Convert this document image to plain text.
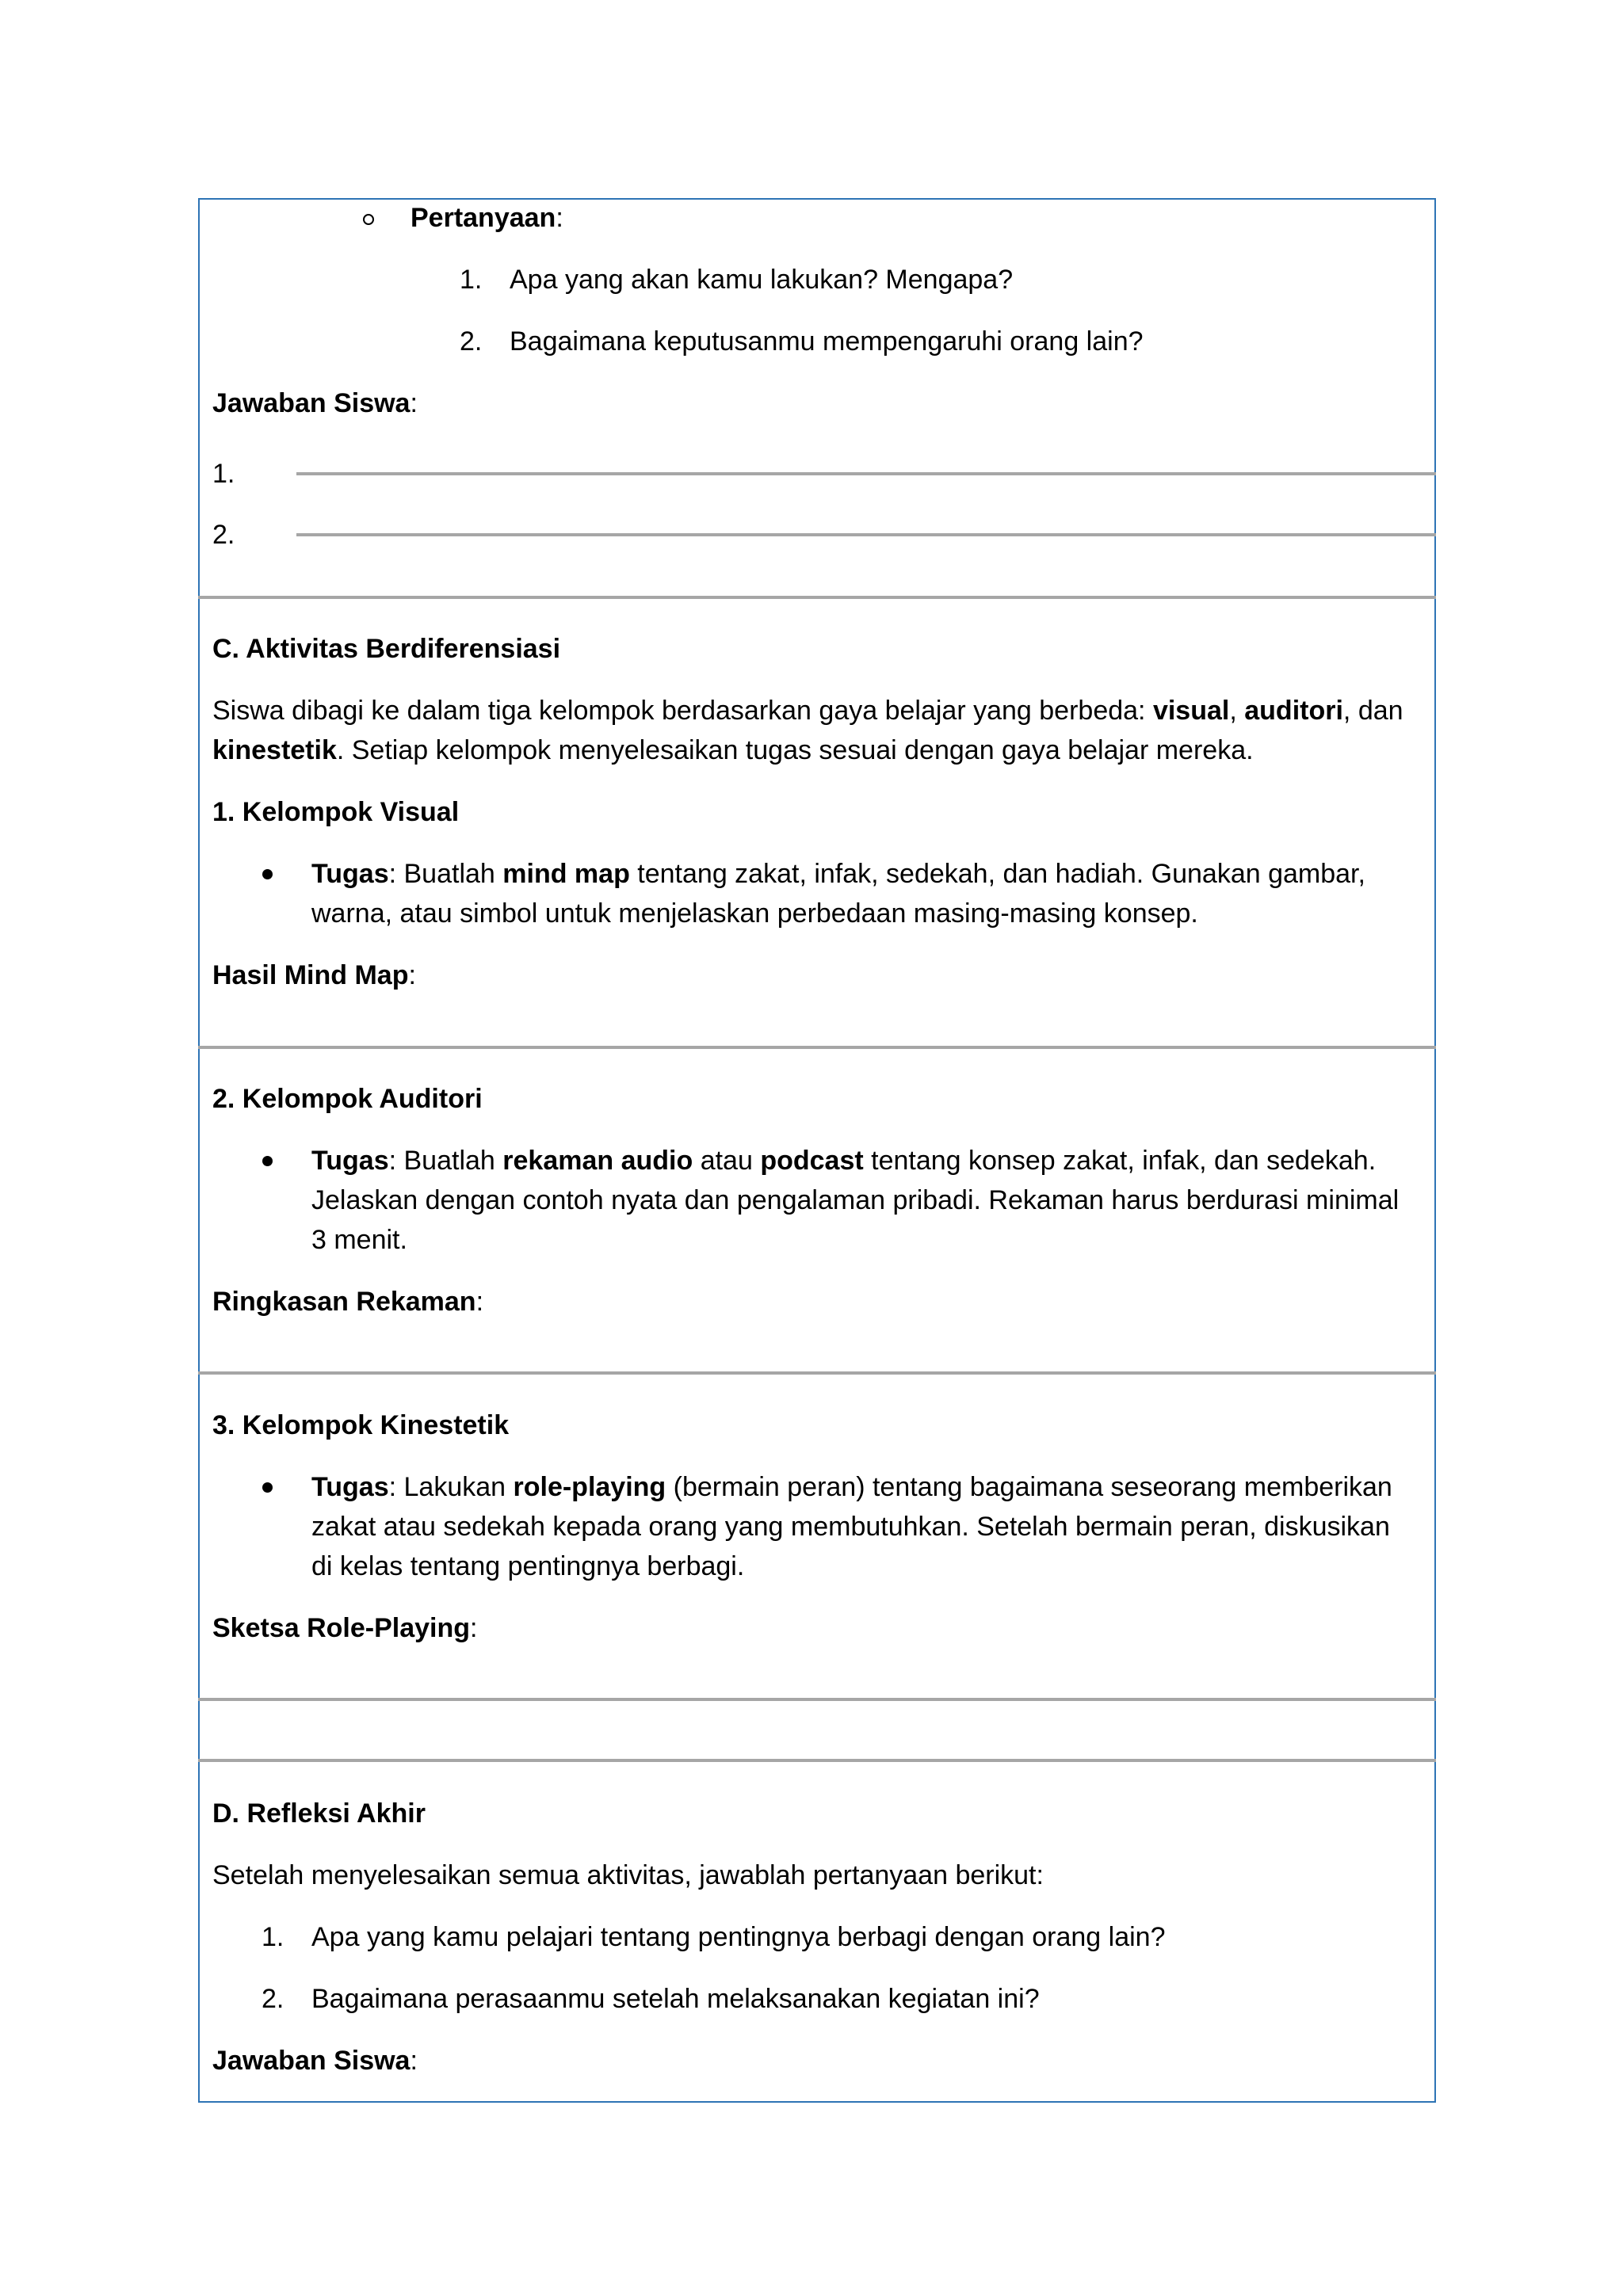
Pertanyaan:
1. Apa yang akan kamu lakukan? Mengapa?
2. Bagaimana keputusanmu mempengaruhi orang lain?
Jawaban Siswa:
1.
2.
C. Aktivitas Berdiferensiasi
Siswa dibagi ke dalam tiga kelompok berdasarkan gaya belajar yang berbeda: visual, auditori, dan
kinestetik. Setiap kelompok menyelesaikan tugas sesuai dengan gaya belajar mereka.
1. Kelompok Visual
Tugas: Buatlah mind map tentang zakat, infak, sedekah, dan hadiah. Gunakan gambar,
warna, atau simbol untuk menjelaskan perbedaan masing-masing konsep.
Hasil Mind Map:
2. Kelompok Auditori
Tugas: Buatlah rekaman audio atau podcast tentang konsep zakat, infak, dan sedekah.
Jelaskan dengan contoh nyata dan pengalaman pribadi. Rekaman harus berdurasi minimal
3 menit.
Ringkasan Rekaman:
3. Kelompok Kinestetik
Tugas: Lakukan role-playing (bermain peran) tentang bagaimana seseorang memberikan
zakat atau sedekah kepada orang yang membutuhkan. Setelah bermain peran, diskusikan
di kelas tentang pentingnya berbagi.
Sketsa Role-Playing:
D. Refleksi Akhir
Setelah menyelesaikan semua aktivitas, jawablah pertanyaan berikut:
1. Apa yang kamu pelajari tentang pentingnya berbagi dengan orang lain?
2. Bagaimana perasaanmu setelah melaksanakan kegiatan ini?
Jawaban Siswa:
